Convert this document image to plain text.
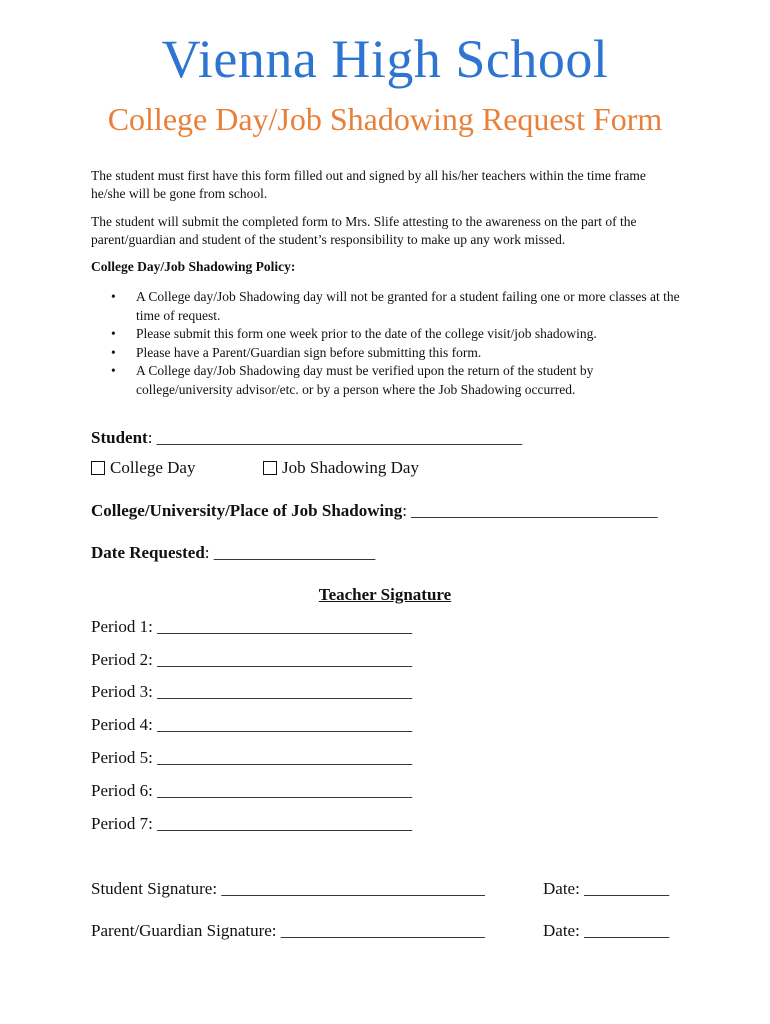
Vienna High School
College Day/Job Shadowing Request Form
The student must first have this form filled out and signed by all his/her teachers within the time frame he/she will be gone from school.
The student will submit the completed form to Mrs. Slife attesting to the awareness on the part of the parent/guardian and student of the student’s responsibility to make up any work missed.
College Day/Job Shadowing Policy:
• A College day/Job Shadowing day will not be granted for a student failing one or more classes at the time of request.
• Please submit this form one week prior to the date of the college visit/job shadowing.
• Please have a Parent/Guardian sign before submitting this form.
• A College day/Job Shadowing day must be verified upon the return of the student by college/university advisor/etc. or by a person where the Job Shadowing occurred.
Student: ___________________________________________
College Day	Job Shadowing Day
College/University/Place of Job Shadowing: _____________________________
Date Requested: ___________________
Teacher Signature
Period 1: ______________________________
Period 2: ______________________________
Period 3: ______________________________
Period 4: ______________________________
Period 5: ______________________________
Period 6: ______________________________
Period 7: ______________________________
Student Signature: _______________________________	Date: __________
Parent/Guardian Signature: ________________________	Date: __________
